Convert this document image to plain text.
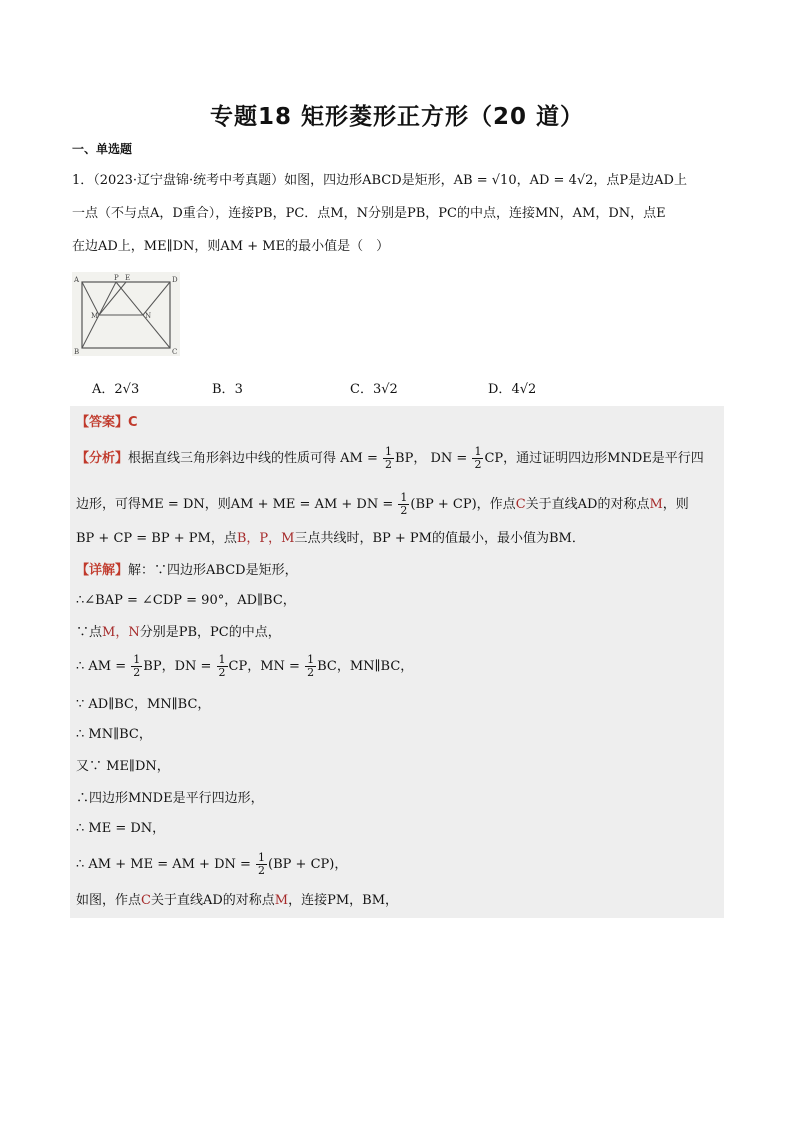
专题18 矩形菱形正方形（20 道）
一、单选题
1．（2023·辽宁盘锦·统考中考真题）如图，四边形ABCD是矩形，AB = √10，AD = 4√2，点P是边AD上
一点（不与点A，D重合），连接PB，PC．点M，N分别是PB，PC的中点，连接MN，AM，DN，点E
在边AD上，ME∥DN，则AM + ME的最小值是（　）
A	P E	D
M	N
B	C
A．2√3	B．3	C．3√2	D．4√2
【答案】C
【分析】根据直线三角形斜边中线的性质可得 AM = $\frac{1}{2}$ BP， DN = $\frac{1}{2}$ CP，通过证明四边形MNDE是平行四
边形，可得ME = DN，则AM + ME = AM + DN = $\frac{1}{2} (BP + CP)$，作点C关于直线AD的对称点M，则
BP + CP = BP + PM，点B，P，M三点共线时，BP + PM的值最小，最小值为BM．
【详解】解：∵四边形ABCD是矩形，
∴∠BAP = ∠CDP = 90°，AD∥BC，
∵点M，N分别是PB，PC的中点，
∴ AM = $\frac{1}{2}$ BP，DN = $\frac{1}{2}$ CP，MN = $\frac{1}{2}$ BC，MN∥BC，
∵ AD∥BC，MN∥BC，
∴ MN∥BC，
又∵ ME∥DN，
∴四边形MNDE是平行四边形，
∴ ME = DN，
∴ AM + ME = AM + DN = $\frac{1}{2} (BP + CP)$，
如图，作点C关于直线AD的对称点M，连接PM，BM，
